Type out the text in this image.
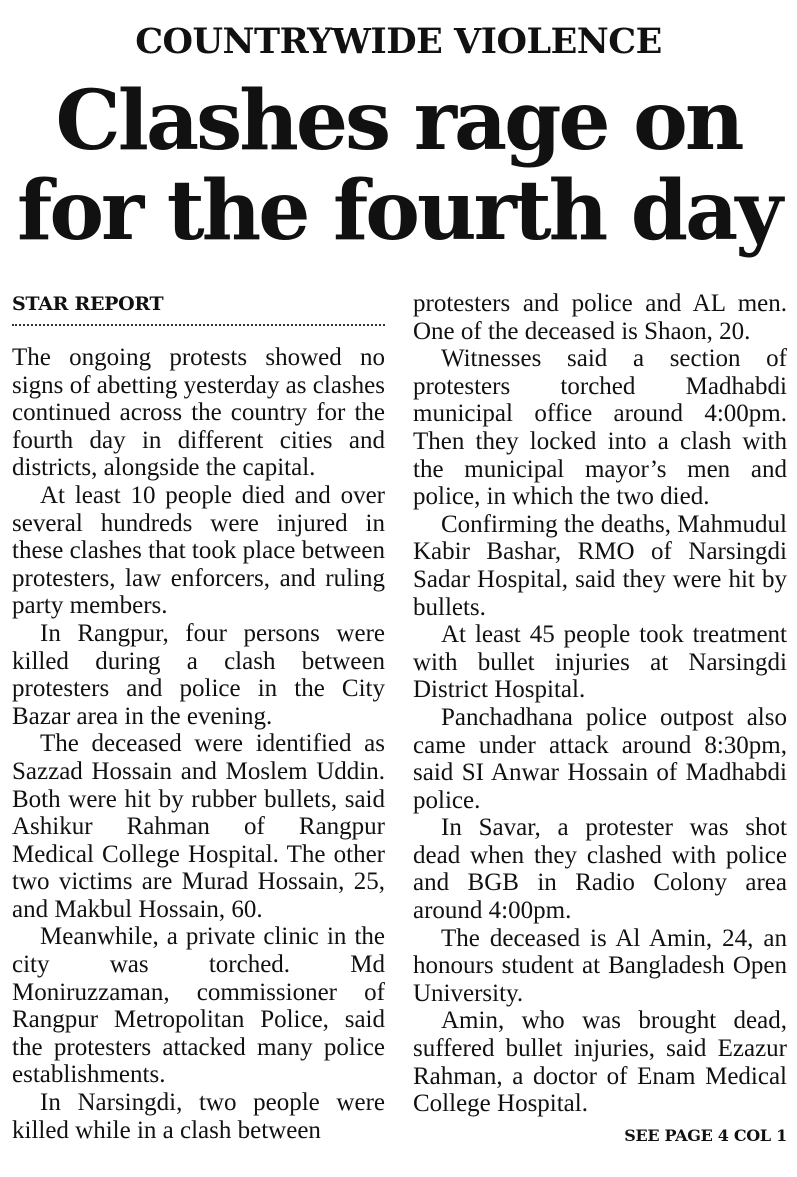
COUNTRYWIDE VIOLENCE
Clashes rage on
for the fourth day
STAR REPORT

The ongoing protests showed no signs of abetting yesterday as clashes continued across the country for the fourth day in different cities and districts, alongside the capital.

At least 10 people died and over several hundreds were injured in these clashes that took place between protesters, law enforcers, and ruling party members.

In Rangpur, four persons were killed during a clash between protesters and police in the City Bazar area in the evening.

The deceased were identified as Sazzad Hossain and Moslem Uddin. Both were hit by rubber bullets, said Ashikur Rahman of Rangpur Medical College Hospital. The other two victims are Murad Hossain, 25, and Makbul Hossain, 60.

Meanwhile, a private clinic in the city was torched. Md Moniruzzaman, commissioner of Rangpur Metropolitan Police, said the protesters attacked many police establishments.

In Narsingdi, two people were killed while in a clash between

protesters and police and AL men. One of the deceased is Shaon, 20.

Witnesses said a section of protesters torched Madhabdi municipal office around 4:00pm. Then they locked into a clash with the municipal mayor’s men and police, in which the two died.

Confirming the deaths, Mahmudul Kabir Bashar, RMO of Narsingdi Sadar Hospital, said they were hit by bullets.

At least 45 people took treatment with bullet injuries at Narsingdi District Hospital.

Panchadhana police outpost also came under attack around 8:30pm, said SI Anwar Hossain of Madhabdi police.

In Savar, a protester was shot dead when they clashed with police and BGB in Radio Colony area around 4:00pm.

The deceased is Al Amin, 24, an honours student at Bangladesh Open University.

Amin, who was brought dead, suffered bullet injuries, said Ezazur Rahman, a doctor of Enam Medical College Hospital.

SEE PAGE 4 COL 1
